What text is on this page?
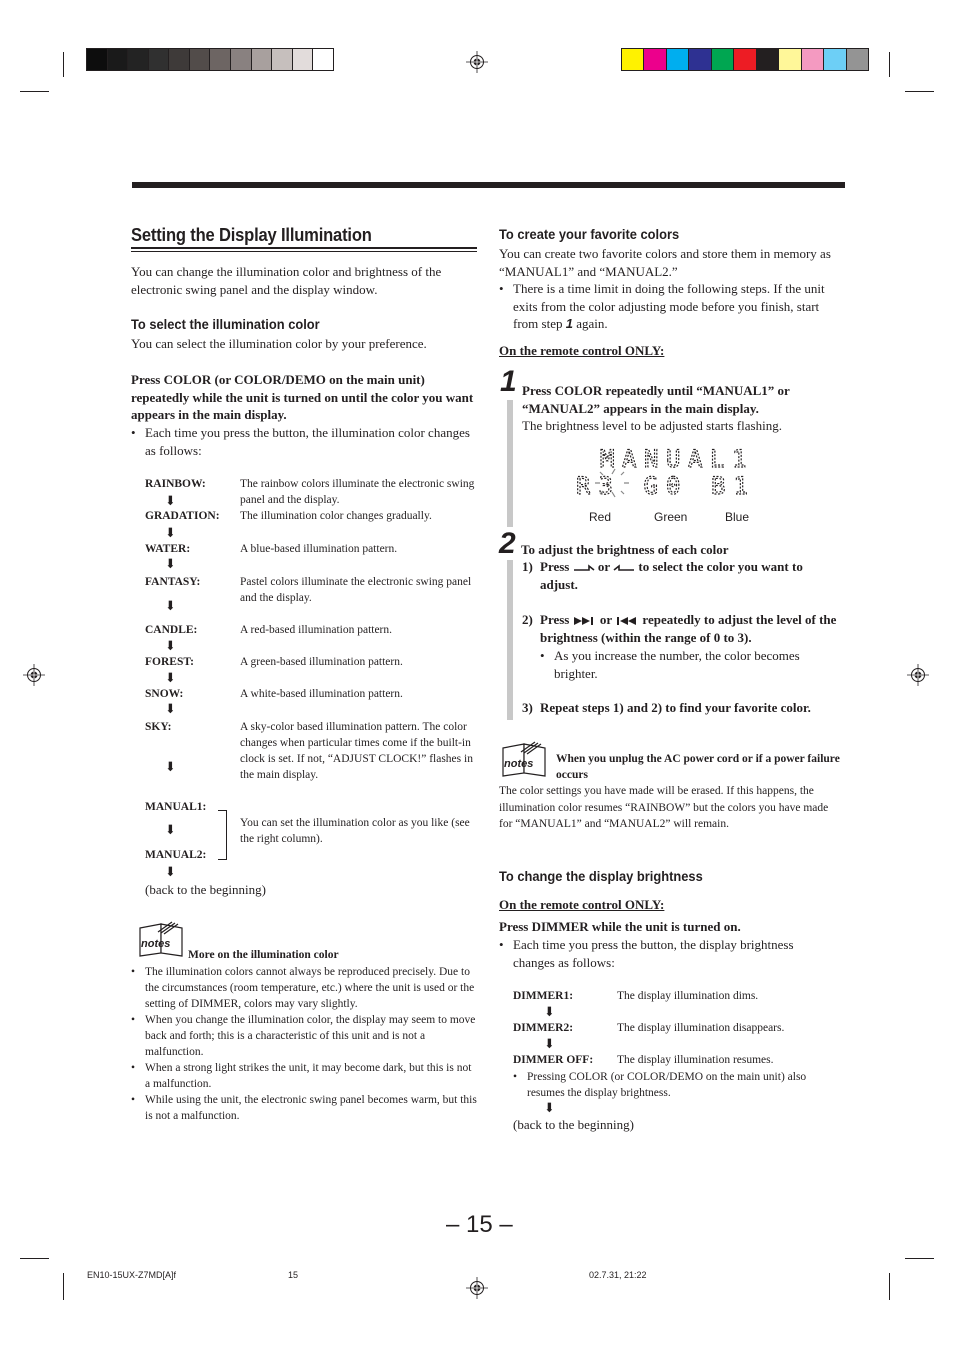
Setting the Display Illumination
You can change the illumination color and brightness of the electronic swing panel and the display window.
To select the illumination color
You can select the illumination color by your preference.
Press COLOR (or COLOR/DEMO on the main unit) repeatedly while the unit is turned on until the color you want appears in the main display.
• Each time you press the button, the illumination color changes as follows:
RAINBOW:	The rainbow colors illuminate the electronic swing panel and the display.
⬇
GRADATION: The illumination color changes gradually.
⬇
WATER:	A blue-based illumination pattern.
⬇
FANTASY:	Pastel colors illuminate the electronic swing panel and the display.
⬇
CANDLE:	A red-based illumination pattern.
⬇
FOREST:	A green-based illumination pattern.
⬇
SNOW:	A white-based illumination pattern.
⬇
SKY:	A sky-color based illumination pattern. The color changes when particular times come if the built-in clock is set. If not, “ADJUST CLOCK!” flashes in the main display.
⬇
MANUAL1:
⬇
MANUAL2:
⬇
You can set the illumination color as you like (see the right column).
(back to the beginning)
notes
More on the illumination color
• The illumination colors cannot always be reproduced precisely. Due to the circumstances (room temperature, etc.) where the unit is used or the setting of DIMMER, colors may vary slightly.
• When you change the illumination color, the display may seem to move back and forth; this is a characteristic of this unit and is not a malfunction.
• When a strong light strikes the unit, it may become dark, but this is not a malfunction.
• While using the unit, the electronic swing panel becomes warm, but this is not a malfunction.
To create your favorite colors
You can create two favorite colors and store them in memory as “MANUAL1” and “MANUAL2.”
• There is a time limit in doing the following steps. If the unit exits from the color adjusting mode before you finish, start from step 1 again.
On the remote control ONLY:
1 Press COLOR repeatedly until “MANUAL1” or “MANUAL2” appears in the main display.
The brightness level to be adjusted starts flashing.
M A N U A L 1
R 3 G 0 B 1
Red	Green	Blue
2 To adjust the brightness of each color
1) Press or to select the color you want to adjust.
2) Press or repeatedly to adjust the level of the brightness (within the range of 0 to 3).
• As you increase the number, the color becomes brighter.
3) Repeat steps 1) and 2) to find your favorite color.
notes When you unplug the AC power cord or if a power failure occurs
The color settings you have made will be erased. If this happens, the illumination color resumes “RAINBOW” but the colors you have made for “MANUAL1” and “MANUAL2” will remain.
To change the display brightness
On the remote control ONLY:
Press DIMMER while the unit is turned on.
• Each time you press the button, the display brightness changes as follows:
DIMMER1:	The display illumination dims.
⬇
DIMMER2:	The display illumination disappears.
⬇
DIMMER OFF: The display illumination resumes.
• Pressing COLOR (or COLOR/DEMO on the main unit) also resumes the display brightness.
⬇
(back to the beginning)
– 15 –
EN10-15UX-Z7MD[A]f	15	02.7.31, 21:22
